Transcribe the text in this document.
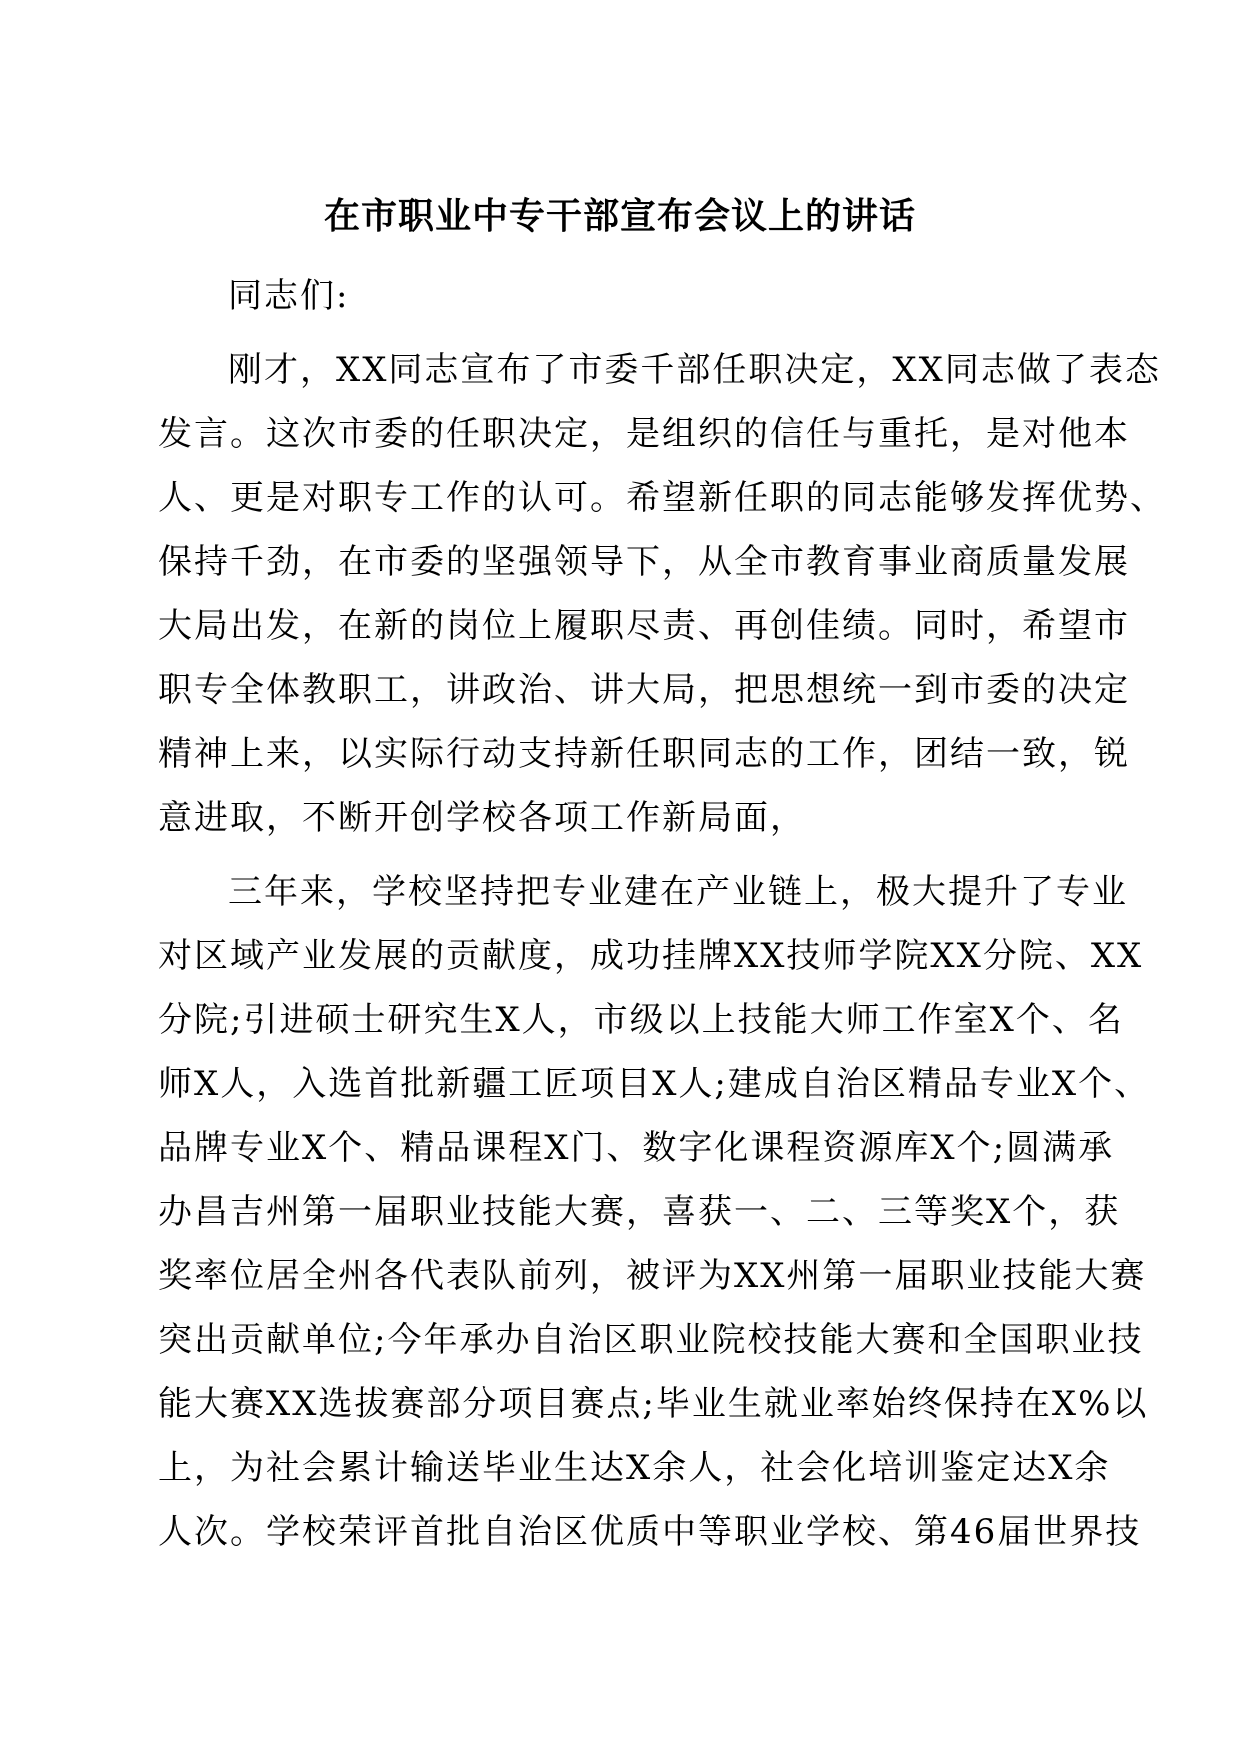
在市职业中专干部宣布会议上的讲话
同志们:
刚才，XX同志宣布了市委千部任职决定，XX同志做了表态
发言。这次市委的任职决定，是组织的信任与重托，是对他本
人、更是对职专工作的认可。希望新任职的同志能够发挥优势、
保持千劲，在市委的坚强领导下，从全市教育事业商质量发展
大局出发，在新的岗位上履职尽责、再创佳绩。同时，希望市
职专全体教职工，讲政治、讲大局，把思想统一到市委的决定
精神上来，以实际行动支持新任职同志的工作，团结一致，锐
意进取，不断开创学校各项工作新局面，
三年来，学校坚持把专业建在产业链上，极大提升了专业
对区域产业发展的贡献度，成功挂牌XX技师学院XX分院、XX
分院;引进硕士研究生X人，市级以上技能大师工作室X个、名
师X人，入选首批新疆工匠项目X人;建成自治区精品专业X个、
品牌专业X个、精品课程X门、数字化课程资源库X个;圆满承
办昌吉州第一届职业技能大赛，喜获一、二、三等奖X个，获
奖率位居全州各代表队前列，被评为XX州第一届职业技能大赛
突出贡献单位;今年承办自治区职业院校技能大赛和全国职业技
能大赛XX选拔赛部分项目赛点;毕业生就业率始终保持在X%以
上，为社会累计输送毕业生达X余人，社会化培训鉴定达X余
人次。学校荣评首批自治区优质中等职业学校、第46届世界技
